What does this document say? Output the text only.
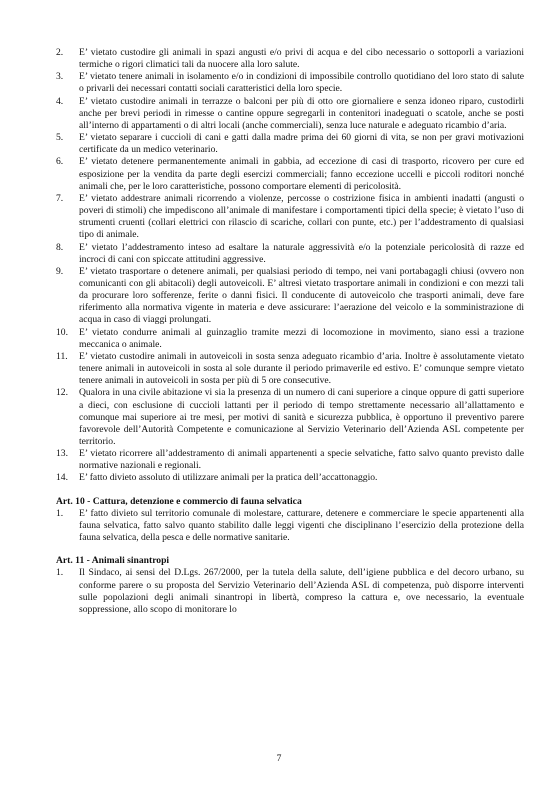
2. E’ vietato custodire gli animali in spazi angusti e/o privi di acqua e del cibo necessario o sottoporli a variazioni termiche o rigori climatici tali da nuocere alla loro salute.
3. E’ vietato tenere animali in isolamento e/o in condizioni di impossibile controllo quotidiano del loro stato di salute o privarli dei necessari contatti sociali caratteristici della loro specie.
4. E’ vietato custodire animali in terrazze o balconi per più di otto ore giornaliere e senza idoneo riparo, custodirli anche per brevi periodi in rimesse o cantine oppure segregarli in contenitori inadeguati o scatole, anche se posti all’interno di appartamenti o di altri locali (anche commerciali), senza luce naturale e adeguato ricambio d’aria.
5. E’ vietato separare i cuccioli di cani e gatti dalla madre prima dei 60 giorni di vita, se non per gravi motivazioni certificate da un medico veterinario.
6. E’ vietato detenere permanentemente animali in gabbia, ad eccezione di casi di trasporto, ricovero per cure ed esposizione per la vendita da parte degli esercizi commerciali; fanno eccezione uccelli e piccoli roditori nonché animali che, per le loro caratteristiche, possono comportare elementi di pericolosità.
7. E’ vietato addestrare animali ricorrendo a violenze, percosse o costrizione fisica in ambienti inadatti (angusti o poveri di stimoli) che impediscono all’animale di manifestare i comportamenti tipici della specie; è vietato l’uso di strumenti cruenti (collari elettrici con rilascio di scariche, collari con punte, etc.) per l’addestramento di qualsiasi tipo di animale.
8. E’ vietato l’addestramento inteso ad esaltare la naturale aggressività e/o la potenziale pericolosità di razze ed incroci di cani con spiccate attitudini aggressive.
9. E’ vietato trasportare o detenere animali, per qualsiasi periodo di tempo, nei vani portabagagli chiusi (ovvero non comunicanti con gli abitacoli) degli autoveicoli. E’ altresì vietato trasportare animali in condizioni e con mezzi tali da procurare loro sofferenze, ferite o danni fisici. Il conducente di autoveicolo che trasporti animali, deve fare riferimento alla normativa vigente in materia e deve assicurare: l’aerazione del veicolo e la somministrazione di acqua in caso di viaggi prolungati.
10. E’ vietato condurre animali al guinzaglio tramite mezzi di locomozione in movimento, siano essi a trazione meccanica o animale.
11. E’ vietato custodire animali in autoveicoli in sosta senza adeguato ricambio d’aria. Inoltre è assolutamente vietato tenere animali in autoveicoli in sosta al sole durante il periodo primaverile ed estivo. E’ comunque sempre vietato tenere animali in autoveicoli in sosta per più di 5 ore consecutive.
12. Qualora in una civile abitazione vi sia la presenza di un numero di cani superiore a cinque oppure di gatti superiore a dieci, con esclusione di cuccioli lattanti per il periodo di tempo strettamente necessario all’allattamento e comunque mai superiore ai tre mesi, per motivi di sanità e sicurezza pubblica, è opportuno il preventivo parere favorevole dell’Autorità Competente e comunicazione al Servizio Veterinario dell’Azienda ASL competente per territorio.
13. E’ vietato ricorrere all’addestramento di animali appartenenti a specie selvatiche, fatto salvo quanto previsto dalle normative nazionali e regionali.
14. E’ fatto divieto assoluto di utilizzare animali per la pratica dell’accattonaggio.
Art. 10 - Cattura, detenzione e commercio di fauna selvatica
1. E’ fatto divieto sul territorio comunale di molestare, catturare, detenere e commerciare le specie appartenenti alla fauna selvatica, fatto salvo quanto stabilito dalle leggi vigenti che disciplinano l’esercizio della protezione della fauna selvatica, della pesca e delle normative sanitarie.
Art. 11 - Animali sinantropi
1. Il Sindaco, ai sensi del D.Lgs. 267/2000, per la tutela della salute, dell’igiene pubblica e del decoro urbano, su conforme parere o su proposta del Servizio Veterinario dell’Azienda ASL di competenza, può disporre interventi sulle popolazioni degli animali sinantropi in libertà, compreso la cattura e, ove necessario, la eventuale soppressione, allo scopo di monitorare lo
7
